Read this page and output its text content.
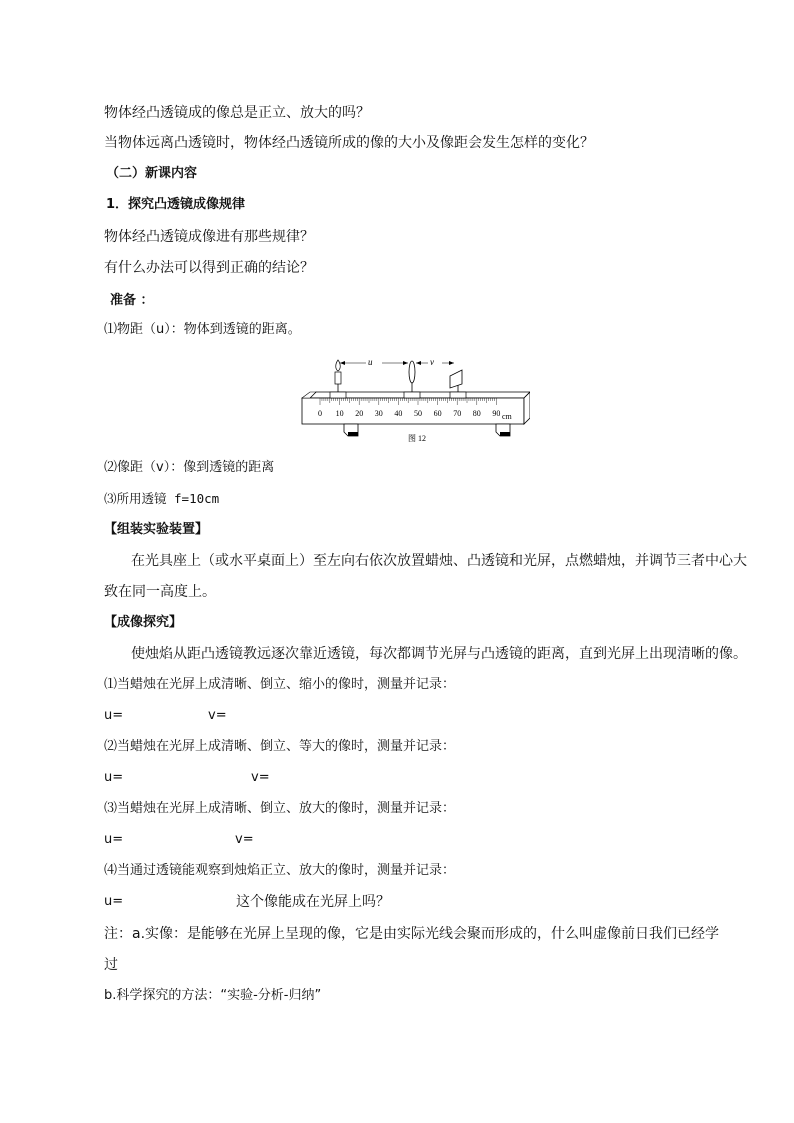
物体经凸透镜成的像总是正立、放大的吗？
当物体远离凸透镜时，物体经凸透镜所成的像的大小及像距会发生怎样的变化？
（二）新课内容
1．探究凸透镜成像规律
物体经凸透镜成像进有那些规律？
有什么办法可以得到正确的结论？
准备 ：
⑴物距（u）：物体到透镜的距离。
0 10 20 30 40 50 60 70 80 90 cm
u	v
图 12
⑵像距（v）：像到透镜的距离
⑶所用透镜 f=10cm
【组装实验装置】
在光具座上（或水平桌面上）至左向右依次放置蜡烛、凸透镜和光屏，点燃蜡烛，并调节三者中心大
致在同一高度上。
【成像探究】
使烛焰从距凸透镜教远逐次靠近透镜，每次都调节光屏与凸透镜的距离，直到光屏上出现清晰的像。
⑴当蜡烛在光屏上成清晰、倒立、缩小的像时，测量并记录：
u=	v=
⑵当蜡烛在光屏上成清晰、倒立、等大的像时，测量并记录：
u=	v=
⑶当蜡烛在光屏上成清晰、倒立、放大的像时，测量并记录：
u=	v=
⑷当通过透镜能观察到烛焰正立、放大的像时，测量并记录：
u=	这个像能成在光屏上吗？
注：a.实像：是能够在光屏上呈现的像，它是由实际光线会聚而形成的，什么叫虚像前日我们已经学
过
b.科学探究的方法：“实验-分析-归纳”
